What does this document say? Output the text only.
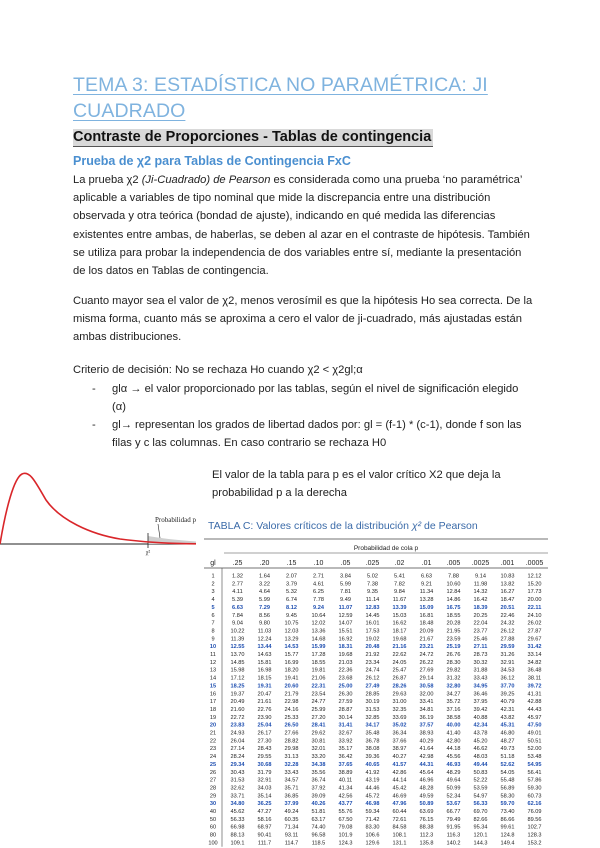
TEMA 3: ESTADÍSTICA NO PARAMÉTRICA: JI CUADRADO
Contraste de Proporciones - Tablas de contingencia
Prueba de χ2 para Tablas de Contingencia FxC
La prueba χ2 (Ji-Cuadrado) de Pearson es considerada como una prueba ‘no paramétrica’ aplicable a variables de tipo nominal que mide la discrepancia entre una distribución observada y otra teórica (bondad de ajuste), indicando en qué medida las diferencias existentes entre ambas, de haberlas, se deben al azar en el contraste de hipótesis. También se utiliza para probar la independencia de dos variables entre sí, mediante la presentación de los datos en Tablas de contingencia.
Cuanto mayor sea el valor de χ2, menos verosímil es que la hipótesis Ho sea correcta. De la misma forma, cuanto más se aproxima a cero el valor de ji-cuadrado, más ajustadas están ambas distribuciones.
Criterio de decisión: No se rechaza Ho cuando χ2 < χ2gl;α
- glα → el valor proporcionado por las tablas, según el nivel de significación elegido (α)
- gl→ representan los grados de libertad dados por: gl = (f-1) * (c-1), donde f son las filas y c las columnas. En caso contrario se rechaza H0
Probabilidad p
χ²
El valor de la tabla para p es el valor crítico X2 que deja la probabilidad p a la derecha
TABLA C: Valores críticos de la distribución χ² de Pearson
Probabilidad de cola p
gl .25 .20 .15 .10 .05 .025 .02 .01 .005 .0025 .001 .0005
1	1.32	1.64	2.07	2.71	3.84	5.02	5.41	6.63	7.88	9.14	10.83 12.12
2	2.77	3.22	3.79	4.61	5.99	7.38	7.82	9.21	10.60 11.98 13.82 15.20
3	4.11	4.64	5.32	6.25	7.81	9.35	9.84	11.34 12.84 14.32 16.27 17.73
4	5.39	5.99	6.74	7.78	9.49	11.14 11.67 13.28 14.86 16.42 18.47 20.00
5	6.63	7.29	8.12	9.24	11.07 12.83 13.39 15.09 16.75 18.39 20.51 22.11
6	7.84	8.56	9.45	10.64 12.59 14.45 15.03 16.81 18.55 20.25 22.46 24.10
7	9.04	9.80	10.75 12.02 14.07 16.01 16.62 18.48 20.28 22.04 24.32 26.02
8	10.22 11.03 12.03 13.36 15.51 17.53 18.17 20.09 21.95 23.77 26.12 27.87
9	11.39 12.24 13.29 14.68 16.92 19.02 19.68 21.67 23.59 25.46 27.88 29.67
10	12.55 13.44 14.53 15.99 18.31 20.48 21.16 23.21 25.19 27.11 29.59 31.42
11	13.70 14.63 15.77 17.28 19.68 21.92 22.62 24.72 26.76 28.73 31.26 33.14
12	14.85 15.81 16.99 18.55 21.03 23.34 24.05 26.22 28.30 30.32 32.91 34.82
13	15.98 16.98 18.20 19.81 22.36 24.74 25.47 27.69 29.82 31.88 34.53 36.48
14	17.12 18.15 19.41 21.06 23.68 26.12 26.87 29.14 31.32 33.43 36.12 38.11
15	18.25 19.31 20.60 22.31 25.00 27.49 28.26 30.58 32.80 34.95 37.70 39.72
16	19.37 20.47 21.79 23.54 26.30 28.85 29.63 32.00 34.27 36.46 39.25 41.31
17	20.49 21.61 22.98 24.77 27.59 30.19 31.00 33.41 35.72 37.95 40.79 42.88
18	21.60 22.76 24.16 25.99 28.87 31.53 32.35 34.81 37.16 39.42 42.31 44.43
19	22.72 23.90 25.33 27.20 30.14 32.85 33.69 36.19 38.58 40.88 43.82 45.97
20	23.83 25.04 26.50 28.41 31.41 34.17 35.02 37.57 40.00 42.34 45.31 47.50
21	24.93 26.17 27.66 29.62 32.67 35.48 36.34 38.93 41.40 43.78 46.80 49.01
22	26.04 27.30 28.82 30.81 33.92 36.78 37.66 40.29 42.80 45.20 48.27 50.51
23	27.14 28.43 29.98 32.01 35.17 38.08 38.97 41.64 44.18 46.62 49.73 52.00
24	28.24 29.55 31.13 33.20 36.42 39.36 40.27 42.98 45.56 48.03 51.18 53.48
25	29.34 30.68 32.28 34.38 37.65 40.65 41.57 44.31 46.93 49.44 52.62 54.95
26	30.43 31.79 33.43 35.56 38.89 41.92 42.86 45.64 48.29 50.83 54.05 56.41
27	31.53 32.91 34.57 36.74 40.11 43.19 44.14 46.96 49.64 52.22 55.48 57.86
28	32.62 34.03 35.71 37.92 41.34 44.46 45.42 48.28 50.99 53.59 56.89 59.30
29	33.71 35.14 36.85 39.09 42.56 45.72 46.69 49.59 52.34 54.97 58.30 60.73
30	34.80 36.25 37.99 40.26 43.77 46.98 47.96 50.89 53.67 56.33 59.70 62.16
40	45.62 47.27 49.24 51.81 55.76 59.34 60.44 63.69 66.77 69.70 73.40 76.09
50	56.33 58.16 60.35 63.17 67.50 71.42 72.61 76.15 79.49 82.66 86.66 89.56
60	66.98 68.97 71.34 74.40 79.08 83.30 84.58 88.38 91.95 95.34 99.61 102.7
80	88.13 90.41 93.11 96.58 101.9 106.6 108.1 112.3 116.3 120.1 124.8 128.3
100 109.1 111.7 114.7 118.5 124.3 129.6 131.1 135.8 140.2 144.3 149.4 153.2
